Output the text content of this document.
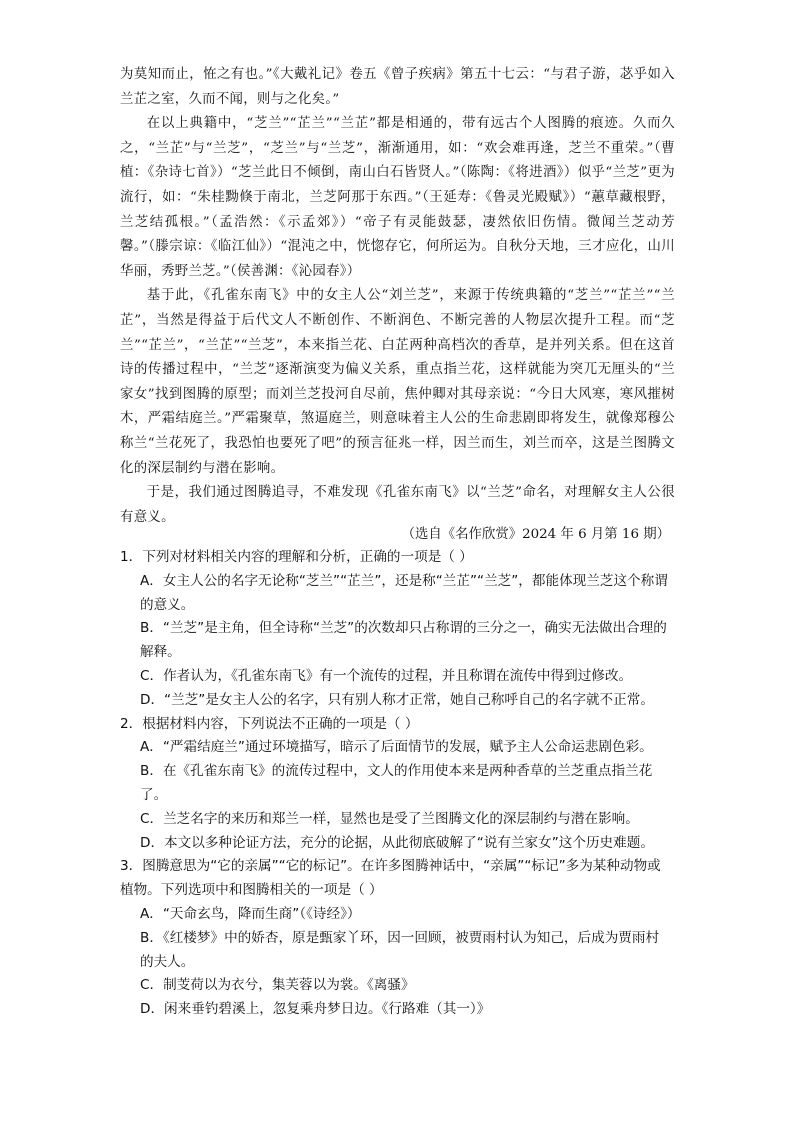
为莫知而止，恠之有也。”《大戴礼记》卷五《曾子疾病》第五十七云：“与君子游，苾乎如入兰芷之室，久而不闻，则与之化矣。”

在以上典籍中，“芝兰”“芷兰”“兰芷”都是相通的，带有远古个人图腾的痕迹。久而久之，“兰芷”与“兰芝”，“芝兰”与“兰芝”，渐渐通用，如：“欢会难再逢，芝兰不重荣。”（曹植：《杂诗七首》）“芝兰此日不倾倒，南山白石皆贤人。”（陈陶：《将进酒》）似乎“兰芝”更为流行，如：“朱桂黝倏于南北，兰芝阿那于东西。”（王延寿：《鲁灵光殿赋》）“蕙草藏根野，兰芝结孤根。”（孟浩然：《示孟郊》）“帝子有灵能鼓瑟，凄然依旧伤情。微闻兰芝动芳馨。”（滕宗谅：《临江仙》）“混沌之中，恍惚存它，何所运为。自秋分天地，三才应化，山川华丽，秀野兰芝。”（侯善渊：《沁园春》）

基于此，《孔雀东南飞》中的女主人公“刘兰芝”，来源于传统典籍的“芝兰”“芷兰”“兰芷”，当然是得益于后代文人不断创作、不断润色、不断完善的人物层次提升工程。而“芝兰”“芷兰”，“兰芷”“兰芝”，本来指兰花、白芷两种高档次的香草，是并列关系。但在这首诗的传播过程中，“兰芝”逐渐演变为偏义关系，重点指兰花，这样就能为突兀无厘头的“兰家女”找到图腾的原型；而刘兰芝投河自尽前，焦仲卿对其母亲说：“今日大风寒，寒风摧树木，严霜结庭兰。”严霜聚草，煞逼庭兰，则意味着主人公的生命悲剧即将发生，就像郑穆公称兰“兰花死了，我恐怕也要死了吧”的预言征兆一样，因兰而生，刘兰而卒，这是兰图腾文化的深层制约与潜在影响。

于是，我们通过图腾追寻，不难发现《孔雀东南飞》以“兰芝”命名，对理解女主人公很有意义。

（选自《名作欣赏》2024 年 6 月第 16 期）

1．下列对材料相关内容的理解和分析，正确的一项是（ ）

A．女主人公的名字无论称“芝兰”“芷兰”，还是称“兰芷”“兰芝”，都能体现兰芝这个称谓的意义。

B．“兰芝”是主角，但全诗称“兰芝”的次数却只占称谓的三分之一，确实无法做出合理的解释。

C．作者认为，《孔雀东南飞》有一个流传的过程，并且称谓在流传中得到过修改。

D．“兰芝”是女主人公的名字，只有别人称才正常，她自己称呼自己的名字就不正常。

2．根据材料内容，下列说法不正确的一项是（ ）

A．“严霜结庭兰”通过环境描写，暗示了后面情节的发展，赋予主人公命运悲剧色彩。

B．在《孔雀东南飞》的流传过程中，文人的作用使本来是两种香草的兰芝重点指兰花了。

C．兰芝名字的来历和郑兰一样，显然也是受了兰图腾文化的深层制约与潜在影响。

D．本文以多种论证方法，充分的论据，从此彻底破解了“说有兰家女”这个历史难题。

3．图腾意思为“它的亲属”“它的标记”。在许多图腾神话中，“亲属”“标记”多为某种动物或植物。下列选项中和图腾相关的一项是（ ）

A．“天命玄鸟，降而生商”（《诗经》）

B．《红楼梦》中的娇杏，原是甄家丫环，因一回顾，被贾雨村认为知己，后成为贾雨村的夫人。

C．制芰荷以为衣兮，集芙蓉以为裳。《离骚》

D．闲来垂钓碧溪上，忽复乘舟梦日边。《行路难（其一）》
